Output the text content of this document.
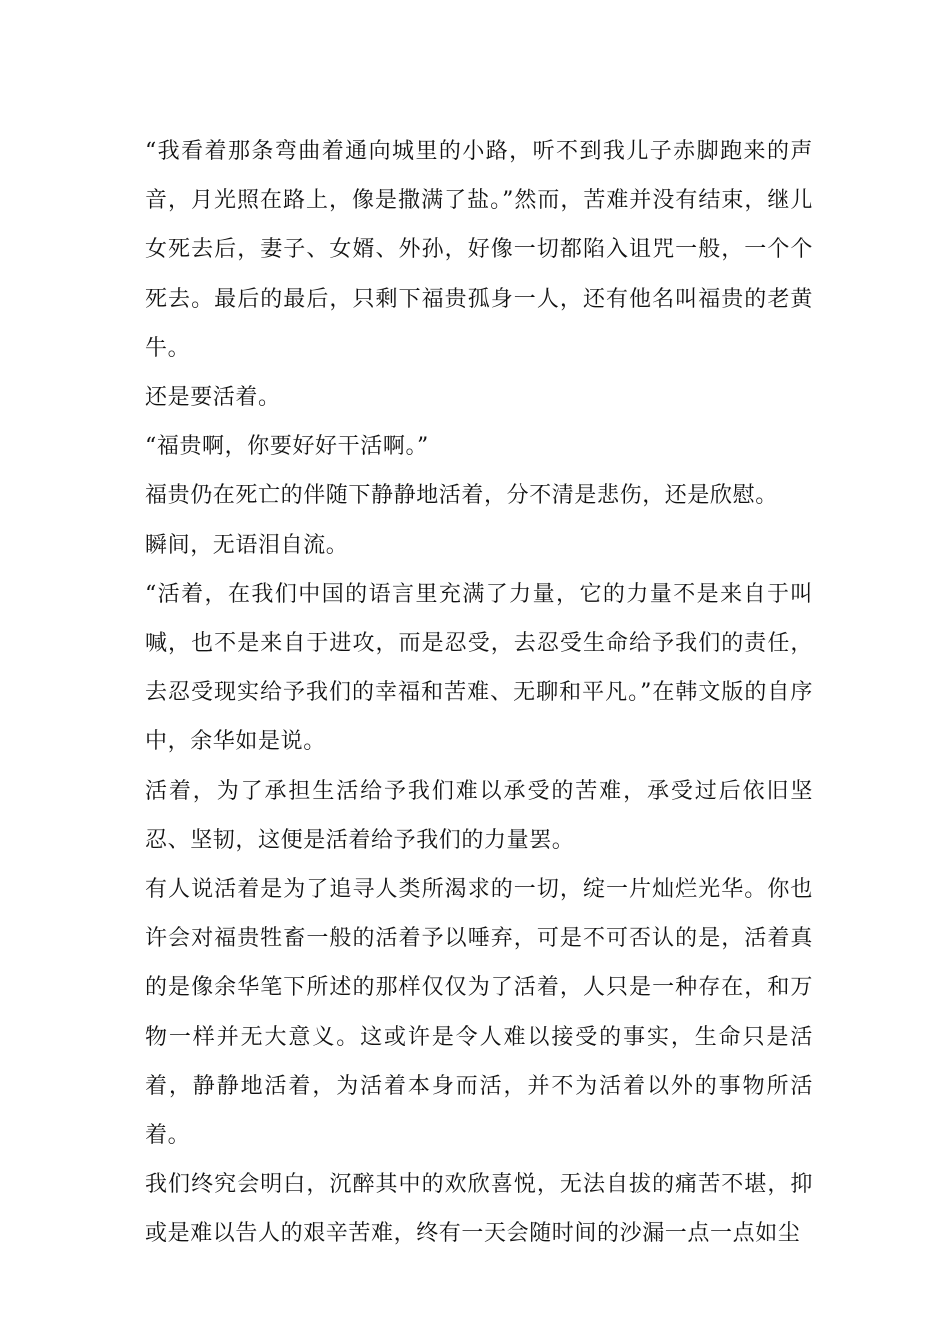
“我看着那条弯曲着通向城里的小路，听不到我儿子赤脚跑来的声音，月光照在路上，像是撒满了盐。”然而，苦难并没有结束，继儿女死去后，妻子、女婿、外孙，好像一切都陷入诅咒一般，一个个死去。最后的最后，只剩下福贵孤身一人，还有他名叫福贵的老黄牛。

还是要活着。

“福贵啊，你要好好干活啊。”

福贵仍在死亡的伴随下静静地活着，分不清是悲伤，还是欣慰。

瞬间，无语泪自流。

“活着，在我们中国的语言里充满了力量，它的力量不是来自于叫喊，也不是来自于进攻，而是忍受，去忍受生命给予我们的责任，去忍受现实给予我们的幸福和苦难、无聊和平凡。”在韩文版的自序中，余华如是说。

活着，为了承担生活给予我们难以承受的苦难，承受过后依旧坚忍、坚韧，这便是活着给予我们的力量罢。

有人说活着是为了追寻人类所渴求的一切，绽一片灿烂光华。你也许会对福贵牲畜一般的活着予以唾弃，可是不可否认的是，活着真的是像余华笔下所述的那样仅仅为了活着，人只是一种存在，和万物一样并无大意义。这或许是令人难以接受的事实，生命只是活着，静静地活着，为活着本身而活，并不为活着以外的事物所活着。

我们终究会明白，沉醉其中的欢欣喜悦，无法自拔的痛苦不堪，抑或是难以告人的艰辛苦难，终有一天会随时间的沙漏一点一点如尘
